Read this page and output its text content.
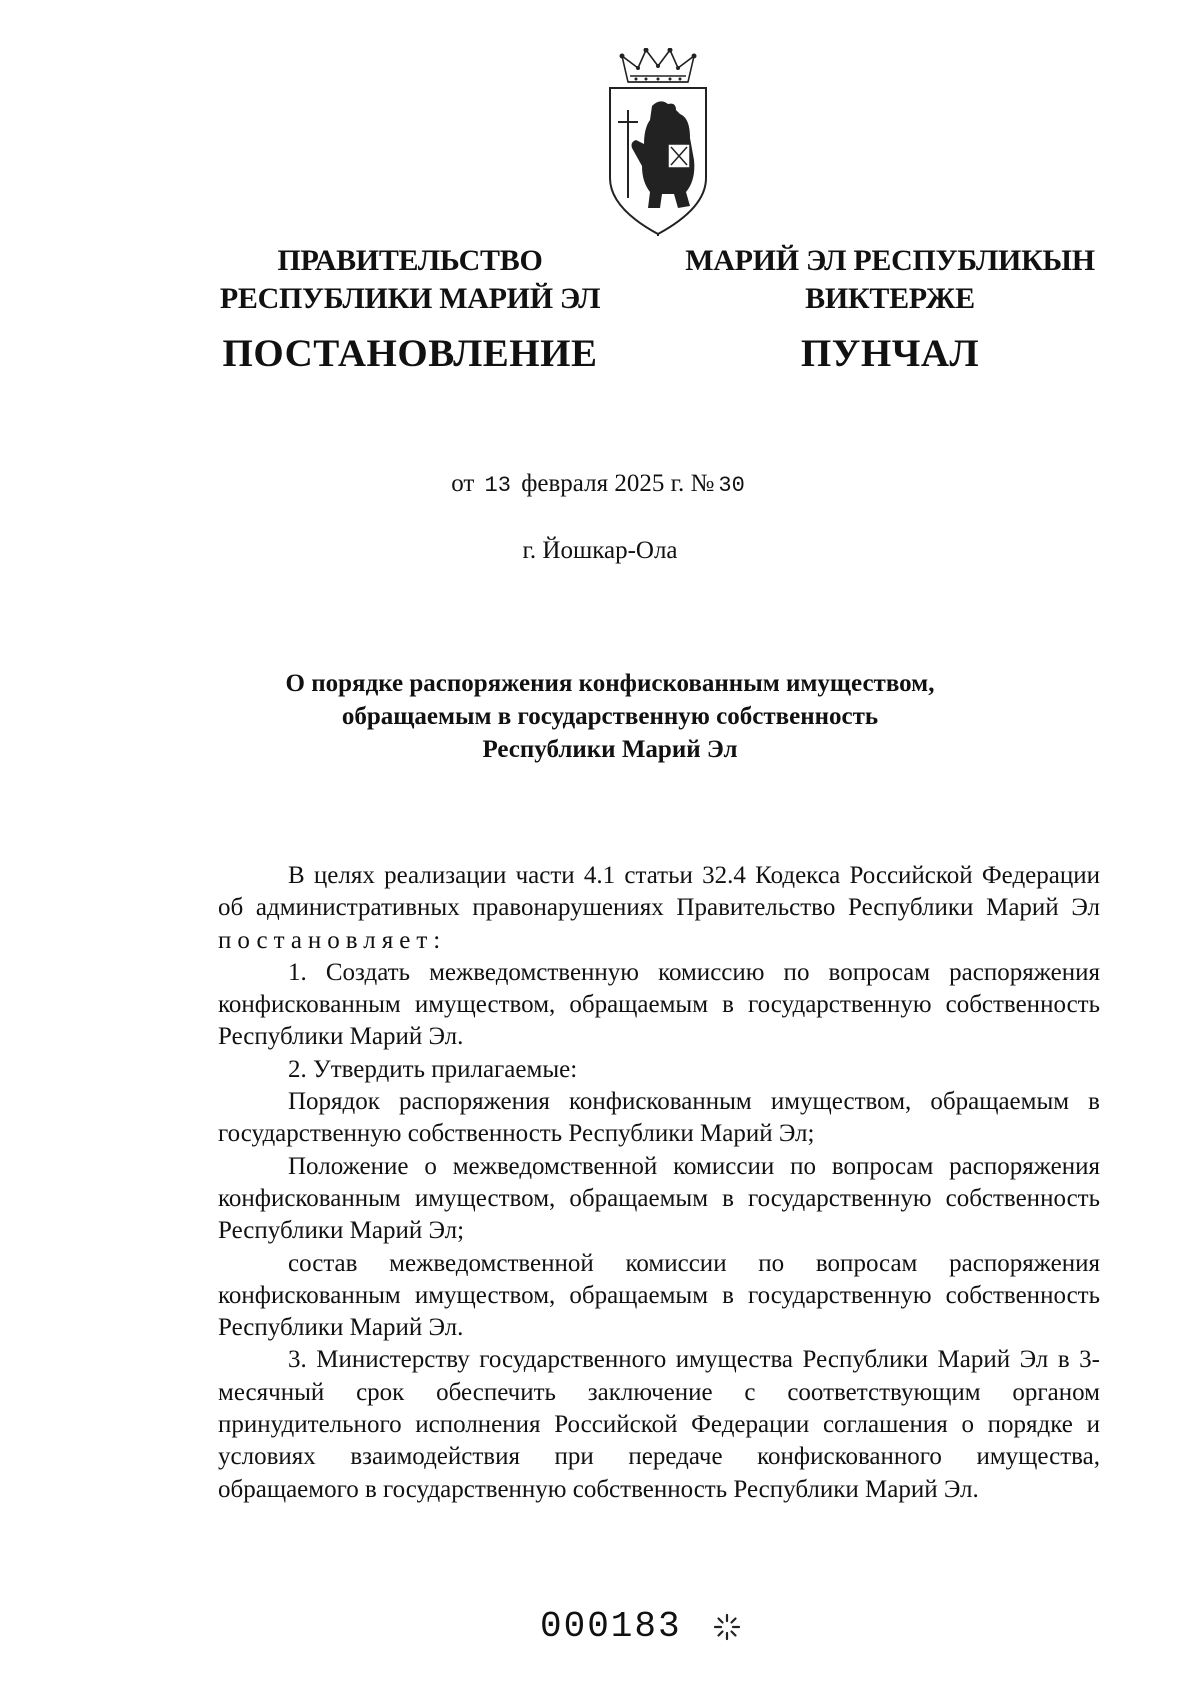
ПРАВИТЕЛЬСТВО
РЕСПУБЛИКИ МАРИЙ ЭЛ
ПОСТАНОВЛЕНИЕ
МАРИЙ ЭЛ РЕСПУБЛИКЫН
ВИКТЕРЖЕ
ПУНЧАЛ
от 13 февраля 2025 г. № 30
г. Йошкар-Ола
О порядке распоряжения конфискованным имуществом,
обращаемым в государственную собственность
Республики Марий Эл

В целях реализации части 4.1 статьи 32.4 Кодекса Российской Федерации об административных правонарушениях Правительство Республики Марий Эл постановляет:

1. Создать межведомственную комиссию по вопросам распоряжения конфискованным имуществом, обращаемым в государственную собственность Республики Марий Эл.

2. Утвердить прилагаемые:

Порядок распоряжения конфискованным имуществом, обращаемым в государственную собственность Республики Марий Эл;

Положение о межведомственной комиссии по вопросам распоряжения конфискованным имуществом, обращаемым в государственную собственность Республики Марий Эл;

состав межведомственной комиссии по вопросам распоряжения конфискованным имуществом, обращаемым в государственную собственность Республики Марий Эл.

3. Министерству государственного имущества Республики Марий Эл в 3-месячный срок обеспечить заключение с соответствующим органом принудительного исполнения Российской Федерации соглашения о порядке и условиях взаимодействия при передаче конфискованного имущества, обращаемого в государственную собственность Республики Марий Эл.

000183
